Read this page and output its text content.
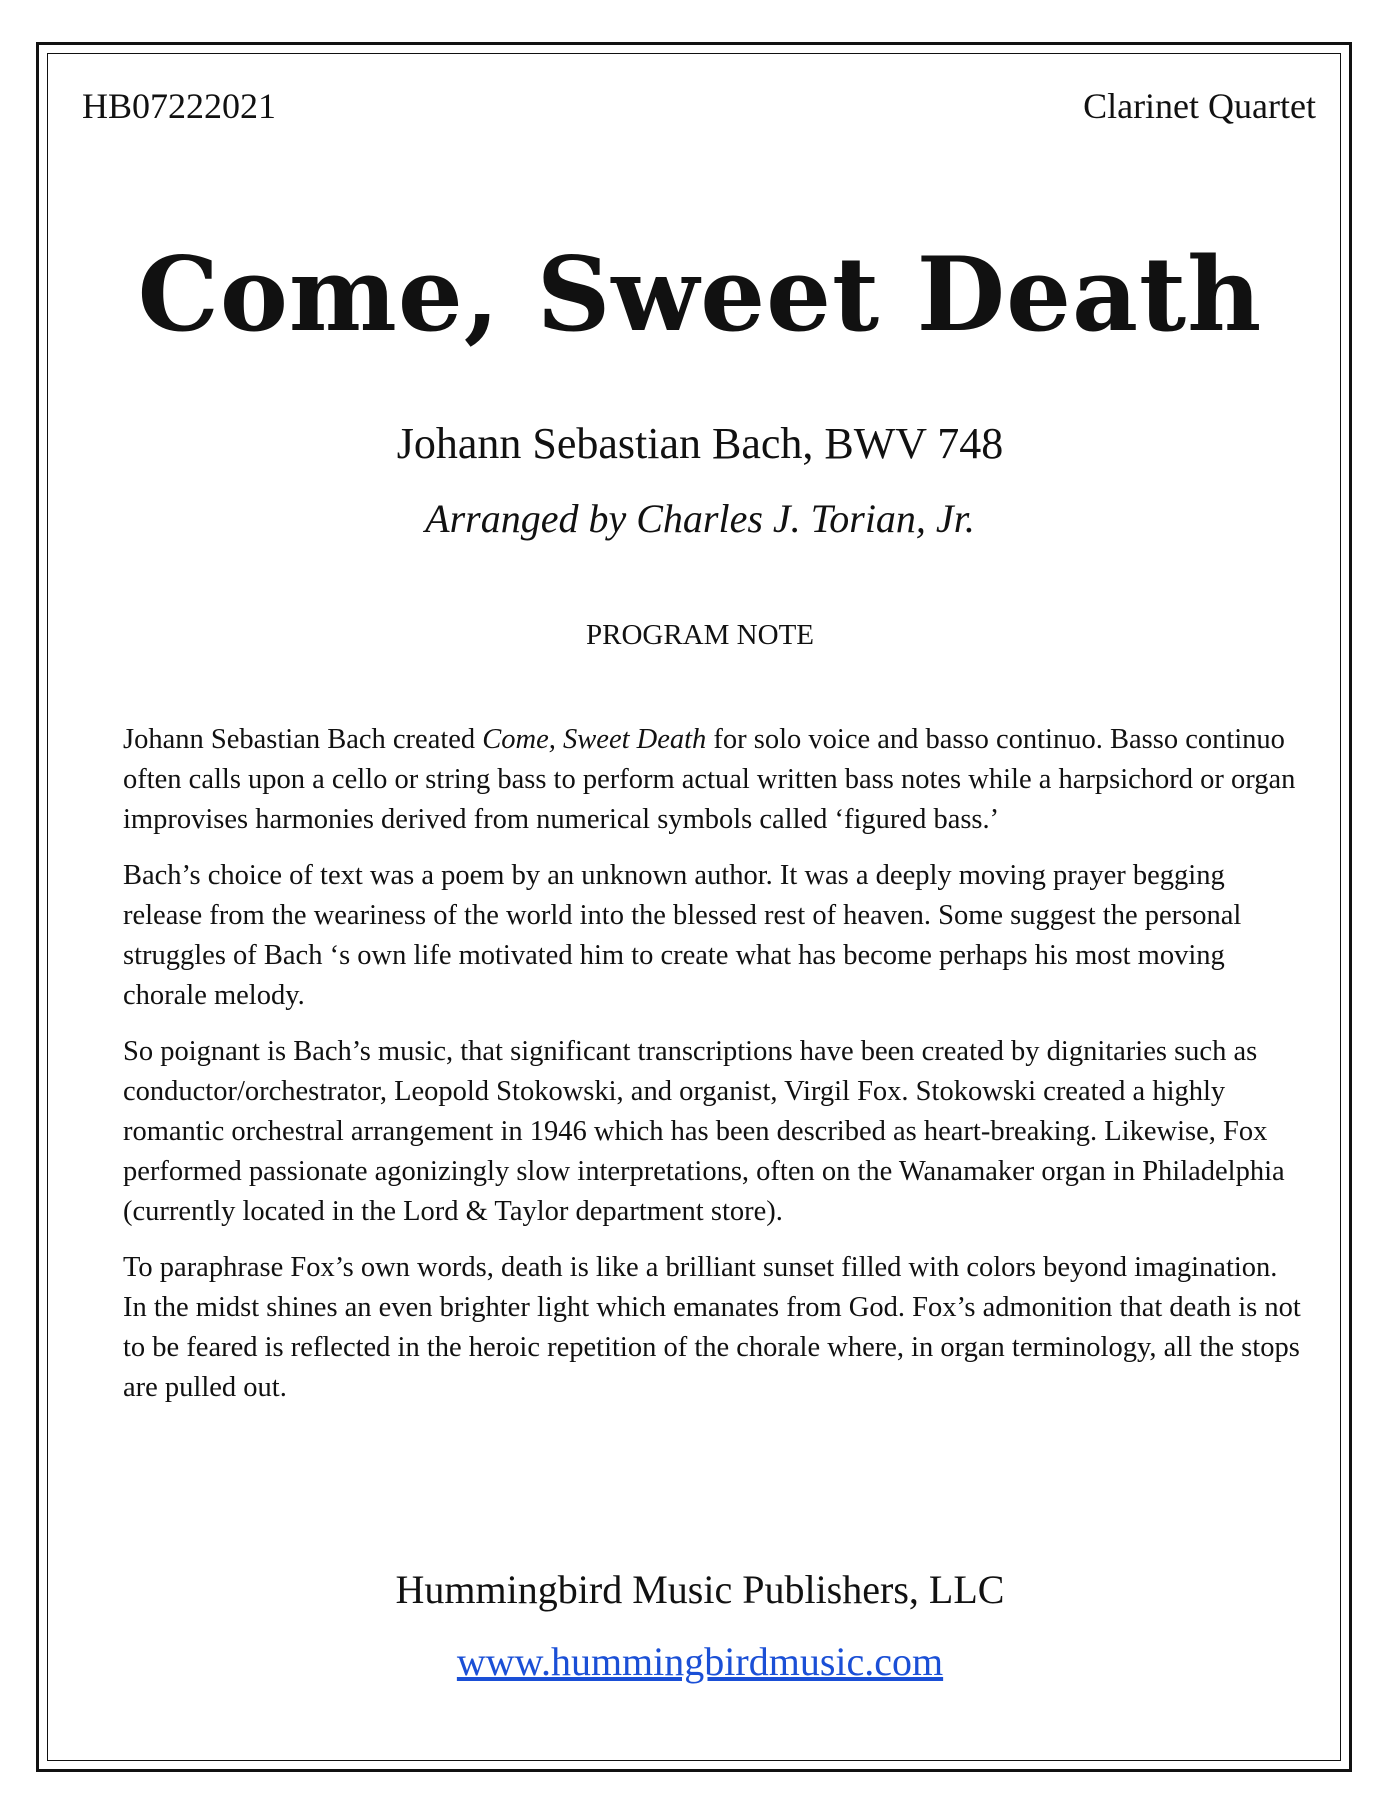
HB07222021	Clarinet Quartet
Come, Sweet Death
Johann Sebastian Bach, BWV 748
Arranged by Charles J. Torian, Jr.
PROGRAM NOTE

Johann Sebastian Bach created Come, Sweet Death for solo voice and basso continuo. Basso continuo often calls upon a cello or string bass to perform actual written bass notes while a harpsichord or organ improvises harmonies derived from numerical symbols called ‘figured bass.’

Bach’s choice of text was a poem by an unknown author. It was a deeply moving prayer begging release from the weariness of the world into the blessed rest of heaven. Some suggest the personal struggles of Bach ‘s own life motivated him to create what has become perhaps his most moving chorale melody.

So poignant is Bach’s music, that significant transcriptions have been created by dignitaries such as conductor/orchestrator, Leopold Stokowski, and organist, Virgil Fox. Stokowski created a highly romantic orchestral arrangement in 1946 which has been described as heart-breaking. Likewise, Fox performed passionate agonizingly slow interpretations, often on the Wanamaker organ in Philadelphia (currently located in the Lord & Taylor department store).

To paraphrase Fox’s own words, death is like a brilliant sunset filled with colors beyond imagination. In the midst shines an even brighter light which emanates from God. Fox’s admonition that death is not to be feared is reflected in the heroic repetition of the chorale where, in organ terminology, all the stops are pulled out.

Hummingbird Music Publishers, LLC
www.hummingbirdmusic.com
